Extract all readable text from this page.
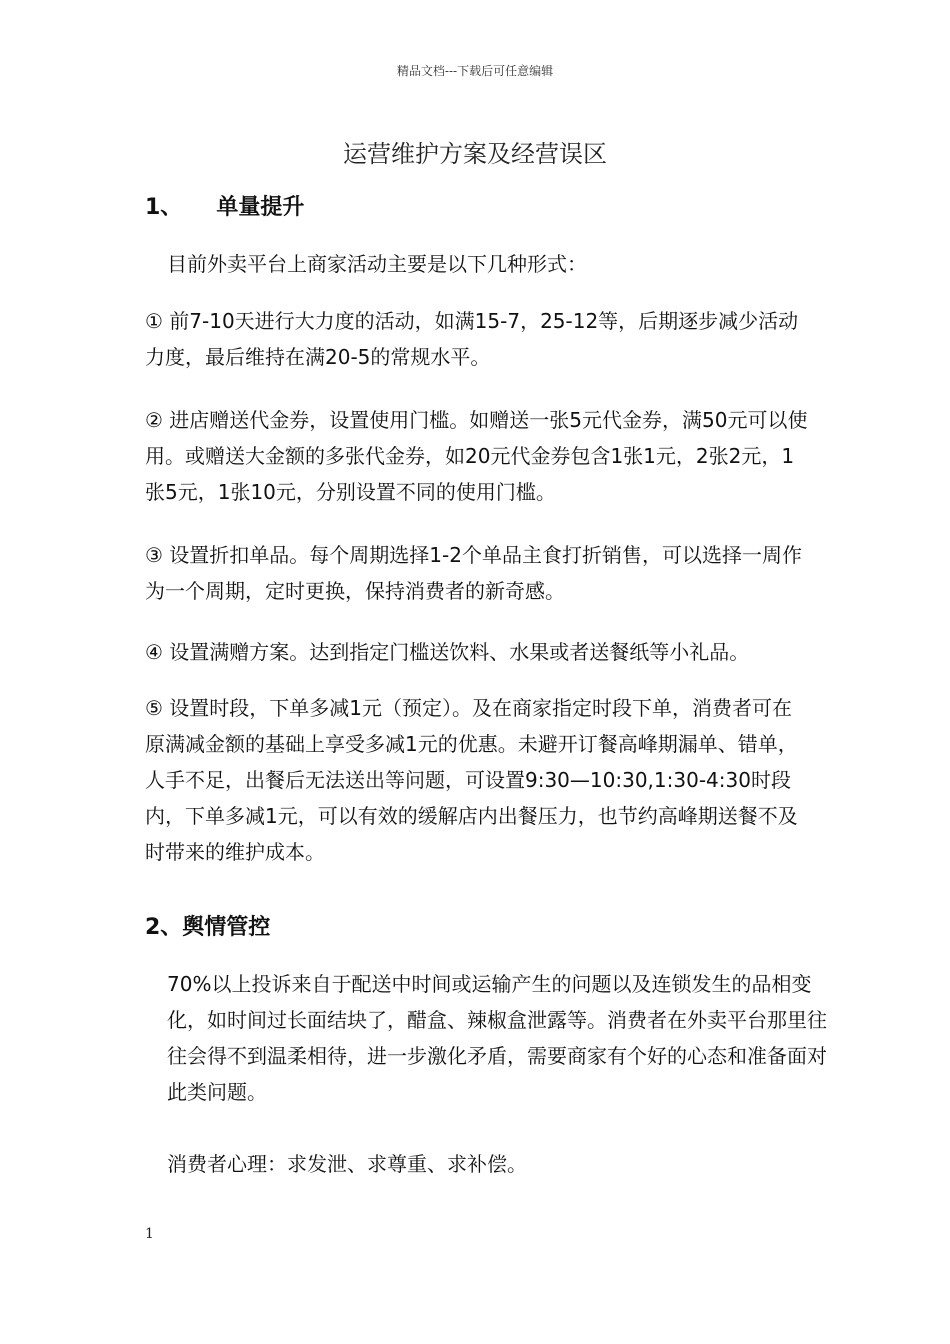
精品文档---下载后可任意编辑
运营维护方案及经营误区
1、 单量提升
目前外卖平台上商家活动主要是以下几种形式：
① 前7-10天进行大力度的活动，如满15-7，25-12等，后期逐步减少活动力度，最后维持在满20-5的常规水平。
② 进店赠送代金券，设置使用门槛。如赠送一张5元代金券，满50元可以使用。或赠送大金额的多张代金券，如20元代金券包含1张1元，2张2元，1张5元，1张10元，分别设置不同的使用门槛。
③ 设置折扣单品。每个周期选择1-2个单品主食打折销售，可以选择一周作为一个周期，定时更换，保持消费者的新奇感。
④ 设置满赠方案。达到指定门槛送饮料、水果或者送餐纸等小礼品。
⑤ 设置时段，下单多减1元（预定）。及在商家指定时段下单，消费者可在原满减金额的基础上享受多减1元的优惠。未避开订餐高峰期漏单、错单，人手不足，出餐后无法送出等问题，可设置9:30—10:30,1:30-4:30时段内，下单多减1元，可以有效的缓解店内出餐压力，也节约高峰期送餐不及时带来的维护成本。
2、舆情管控
70%以上投诉来自于配送中时间或运输产生的问题以及连锁发生的品相变化，如时间过长面结块了，醋盒、辣椒盒泄露等。消费者在外卖平台那里往往会得不到温柔相待，进一步激化矛盾，需要商家有个好的心态和准备面对此类问题。
消费者心理：求发泄、求尊重、求补偿。
1
